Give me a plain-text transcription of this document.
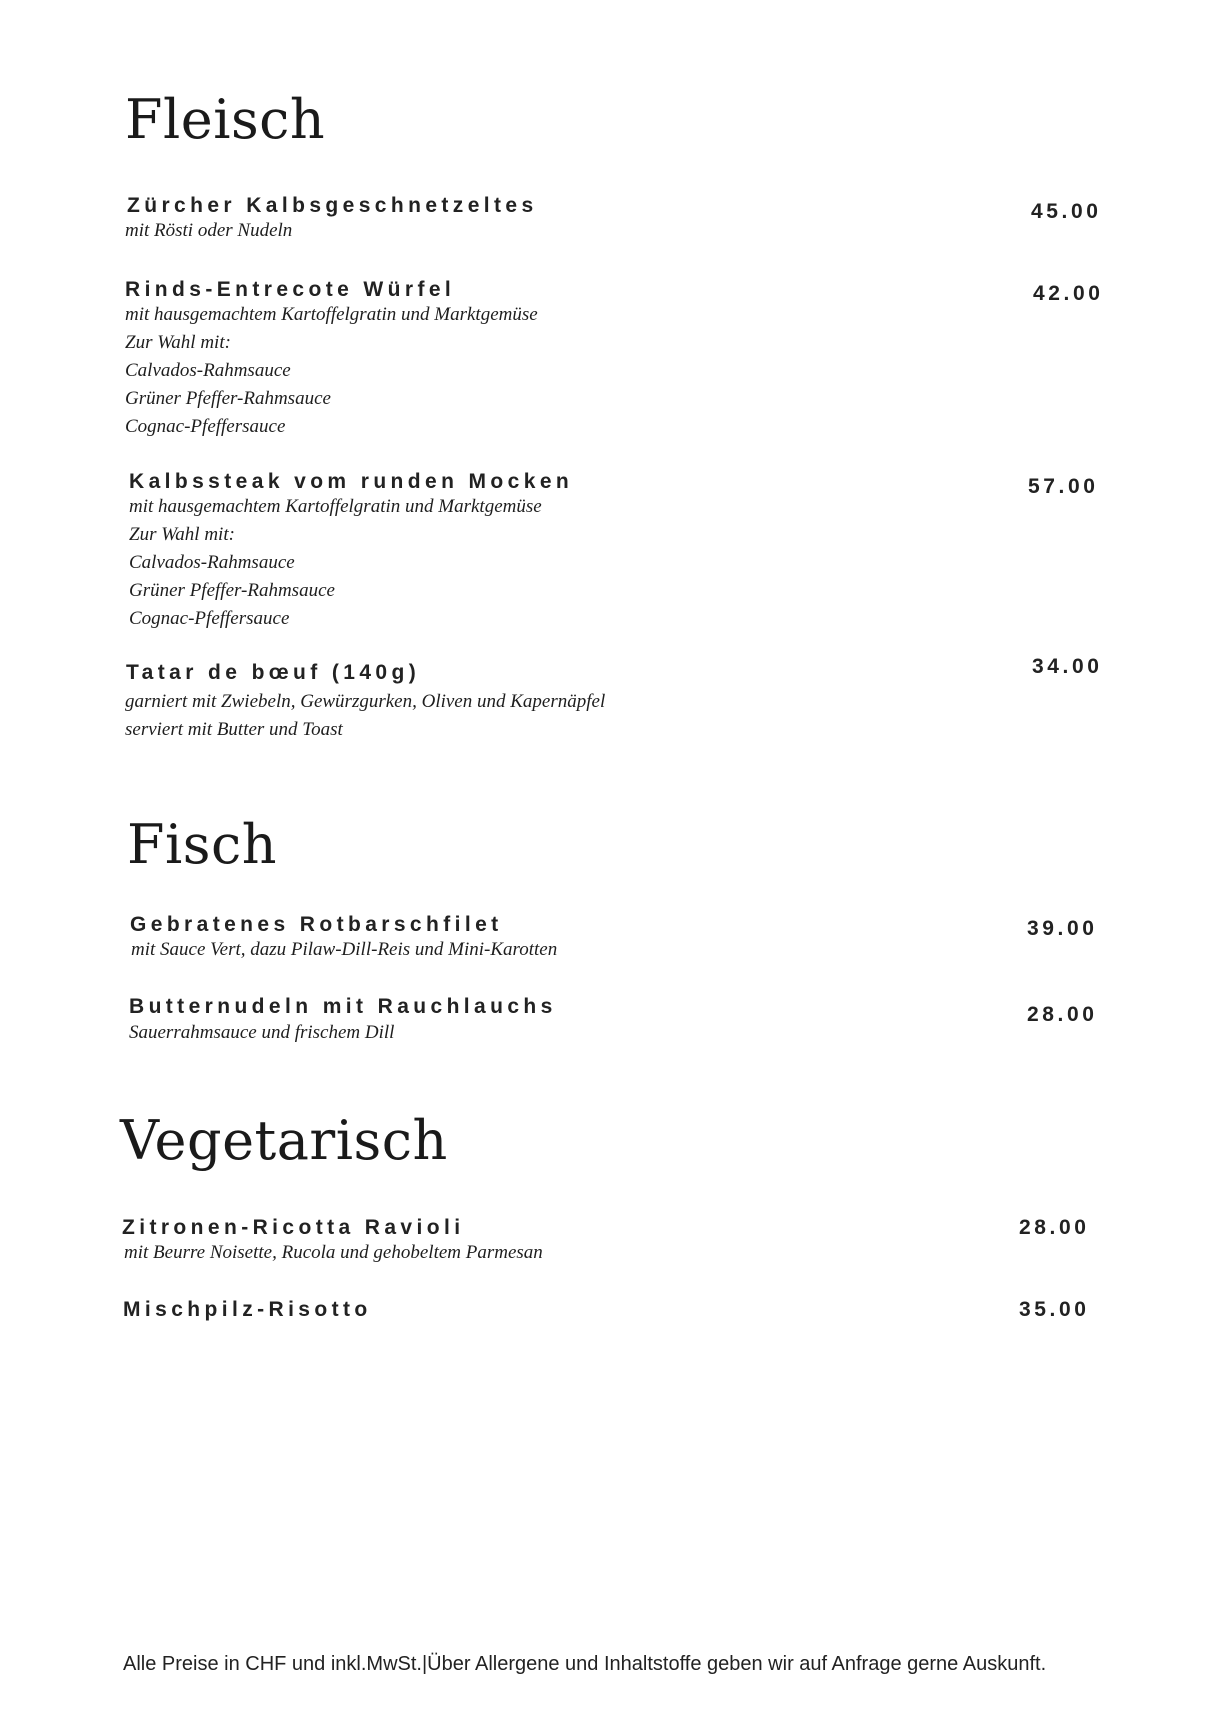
Fleisch
Zürcher Kalbsgeschnetzeltes
mit Rösti oder Nudeln
45.00
Rinds-Entrecote Würfel
mit hausgemachtem Kartoffelgratin und Marktgemüse
Zur Wahl mit:
Calvados-Rahmsauce
Grüner Pfeffer-Rahmsauce
Cognac-Pfeffersauce
42.00
Kalbssteak vom runden Mocken
mit hausgemachtem Kartoffelgratin und Marktgemüse
Zur Wahl mit:
Calvados-Rahmsauce
Grüner Pfeffer-Rahmsauce
Cognac-Pfeffersauce
57.00
Tatar de bœuf (140g)
garniert mit Zwiebeln, Gewürzgurken, Oliven und Kapernäpfel
serviert mit Butter und Toast
34.00
Fisch
Gebratenes Rotbarschfilet
mit Sauce Vert, dazu Pilaw-Dill-Reis und Mini-Karotten
39.00
Butternudeln mit Rauchlauchs
Sauerrahmsauce und frischem Dill
28.00
Vegetarisch
Zitronen-Ricotta Ravioli
mit Beurre Noisette, Rucola und gehobeltem Parmesan
28.00
Mischpilz-Risotto	35.00
Alle Preise in CHF und inkl.MwSt.|Über Allergene und Inhaltstoffe geben wir auf Anfrage gerne Auskunft.
